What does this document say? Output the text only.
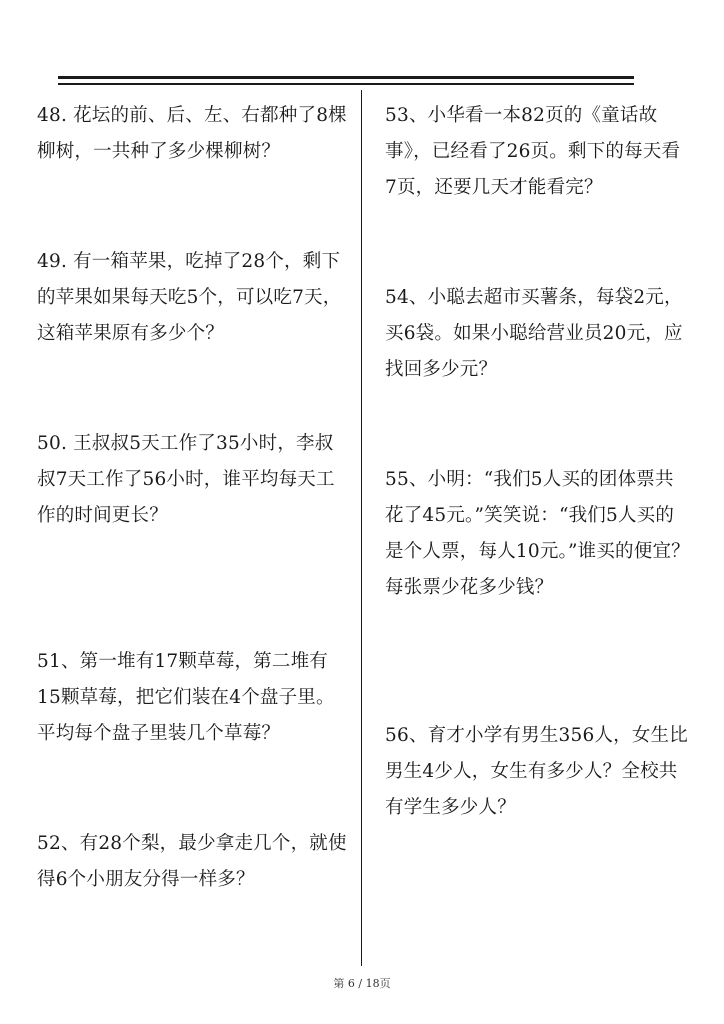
48. 花坛的前、后、左、右都种了8棵柳树，一共种了多少棵柳树？

49. 有一箱苹果，吃掉了28个，剩下的苹果如果每天吃5个，可以吃7天，这箱苹果原有多少个？

50. 王叔叔5天工作了35小时，李叔叔7天工作了56小时，谁平均每天工作的时间更长？

51、第一堆有17颗草莓，第二堆有15颗草莓，把它们装在4个盘子里。平均每个盘子里装几个草莓？

52、有28个梨，最少拿走几个，就使得6个小朋友分得一样多？

53、小华看一本82页的《童话故事》，已经看了26页。剩下的每天看7页，还要几天才能看完？

54、小聪去超市买薯条，每袋2元，买6袋。如果小聪给营业员20元，应找回多少元？

55、小明：“我们5人买的团体票共花了45元。”笑笑说：“我们5人买的是个人票，每人10元。”谁买的便宜？每张票少花多少钱？

56、育才小学有男生356人，女生比男生4少人，女生有多少人？全校共有学生多少人？

第 6 / 18页
